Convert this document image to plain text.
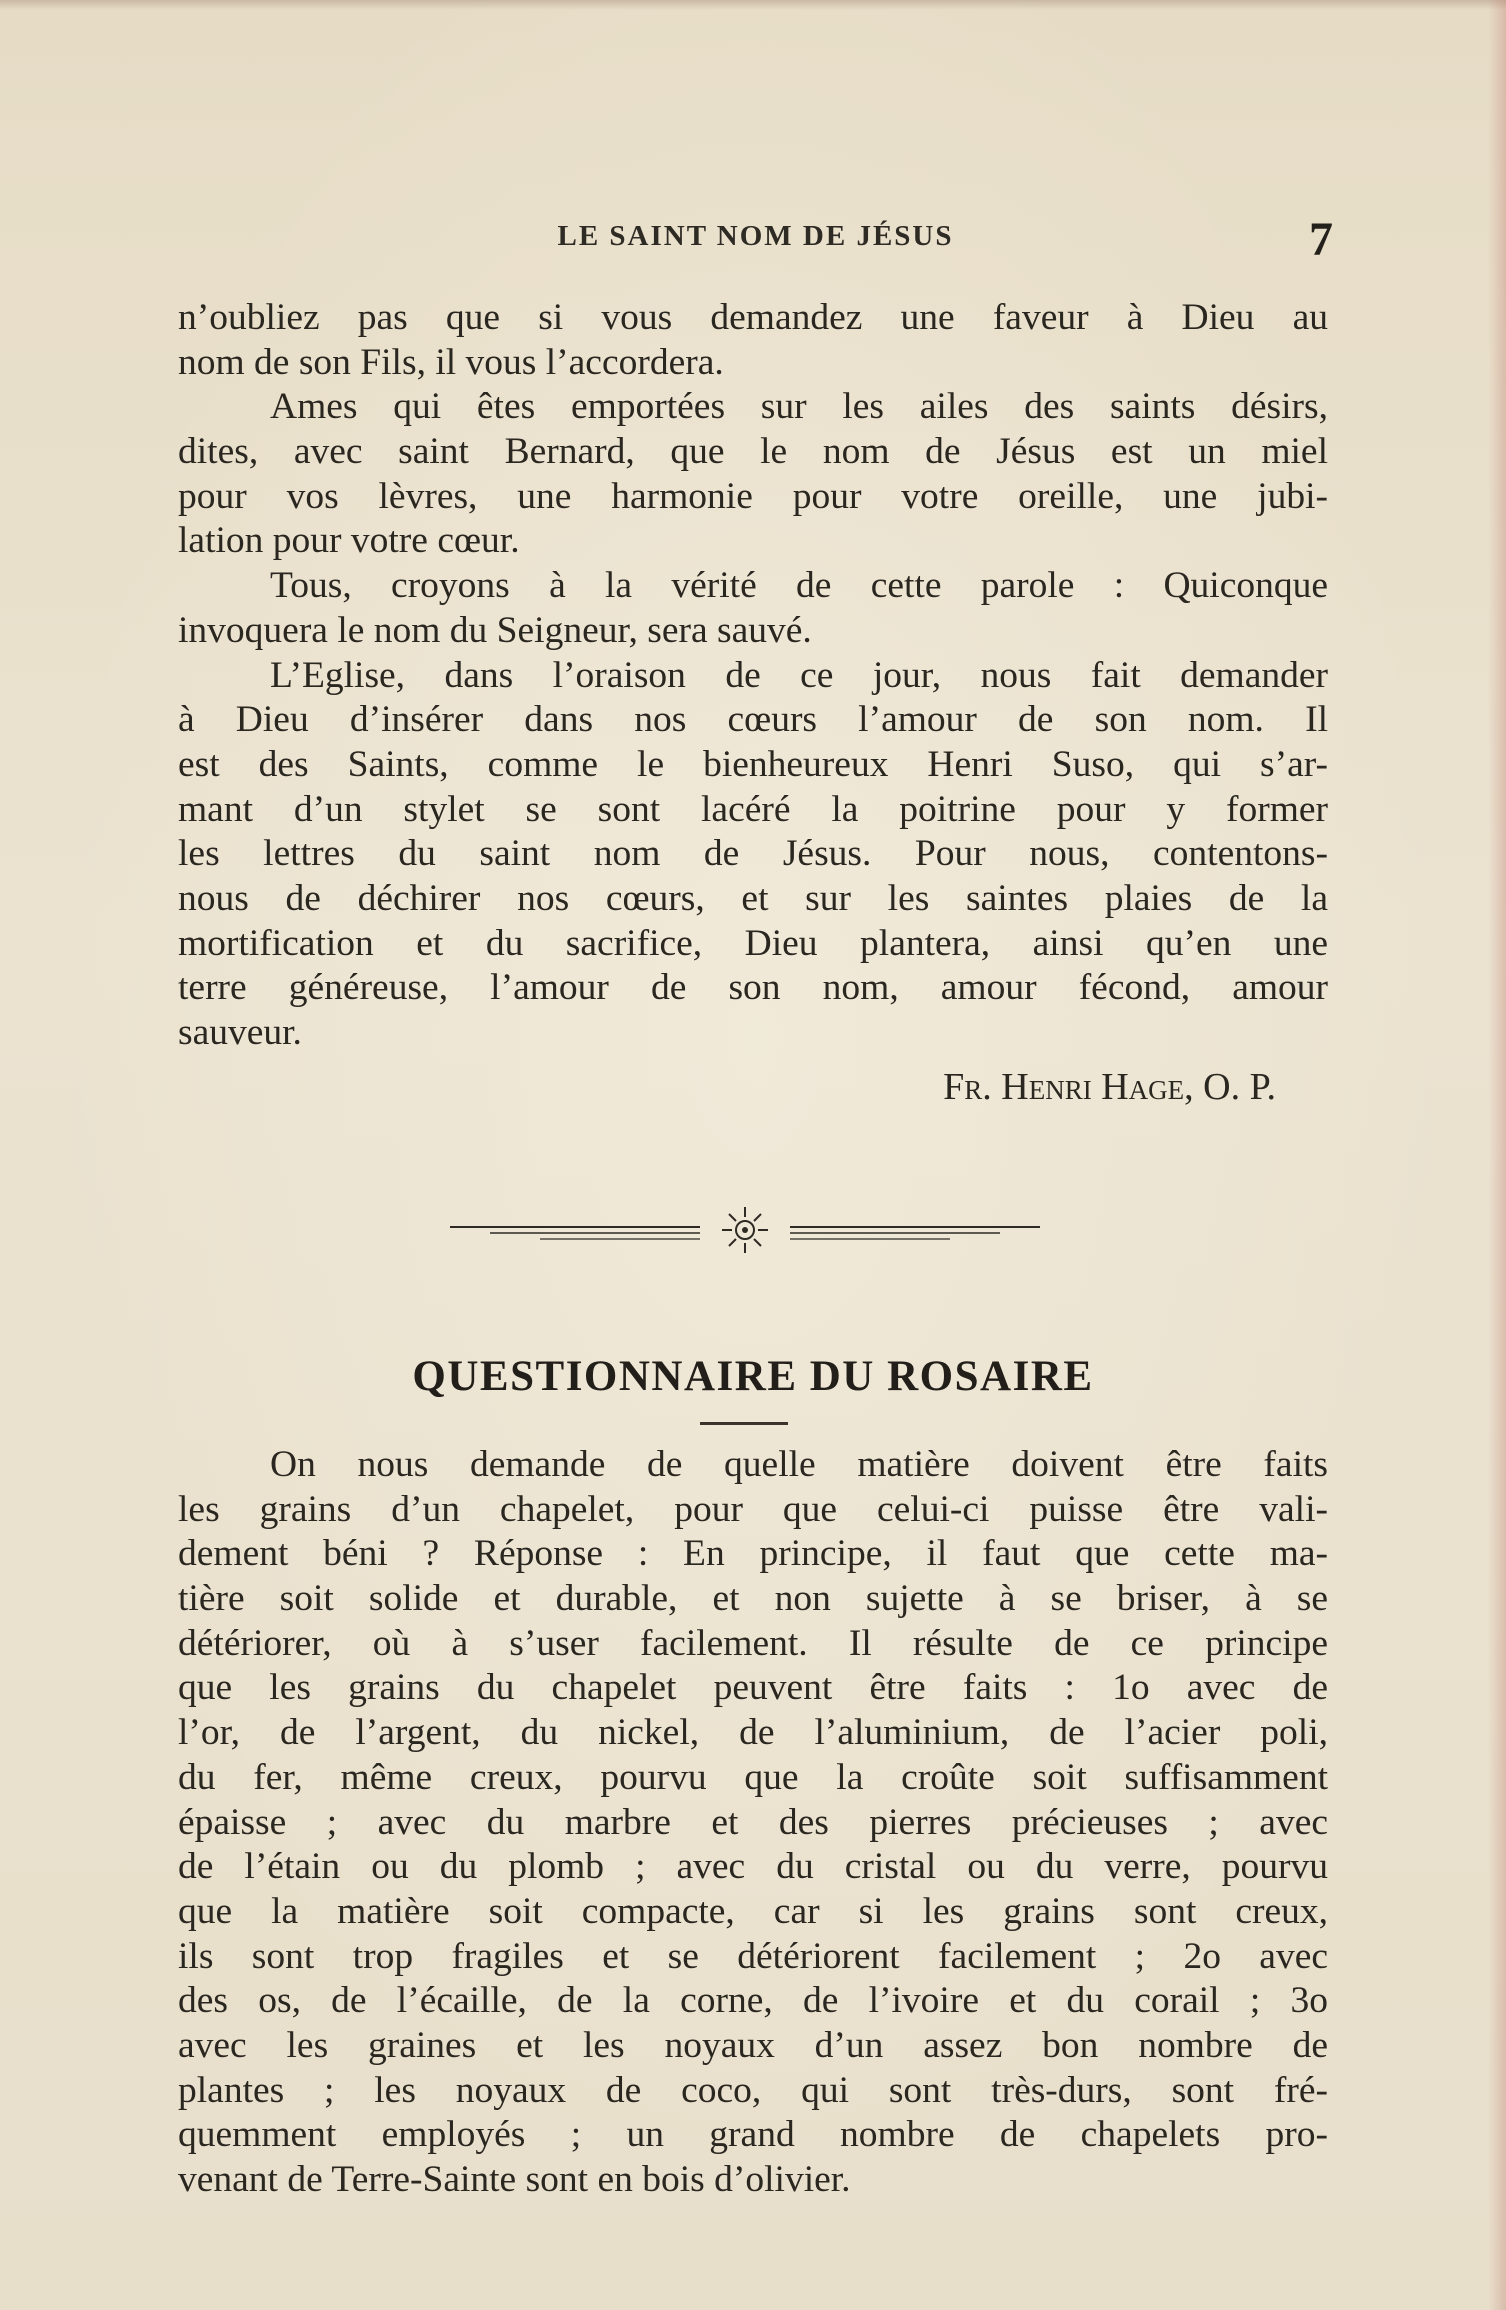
LE SAINT NOM DE JÉSUS	7
n’oubliez pas que si vous demandez une faveur à Dieu au
nom de son Fils, il vous l’accordera.
Ames qui êtes emportées sur les ailes des saints désirs,
dites, avec saint Bernard, que le nom de Jésus est un miel
pour vos lèvres, une harmonie pour votre oreille, une jubi-
lation pour votre cœur.
Tous, croyons à la vérité de cette parole : Quiconque
invoquera le nom du Seigneur, sera sauvé.
L’Eglise, dans l’oraison de ce jour, nous fait demander
à Dieu d’insérer dans nos cœurs l’amour de son nom. Il
est des Saints, comme le bienheureux Henri Suso, qui s’ar-
mant d’un stylet se sont lacéré la poitrine pour y former
les lettres du saint nom de Jésus. Pour nous, contentons-
nous de déchirer nos cœurs, et sur les saintes plaies de la
mortification et du sacrifice, Dieu plantera, ainsi qu’en une
terre généreuse, l’amour de son nom, amour fécond, amour
sauveur.
Fr. Henri Hage, O. P.
QUESTIONNAIRE DU ROSAIRE
On nous demande de quelle matière doivent être faits
les grains d’un chapelet, pour que celui-ci puisse être vali-
dement béni ? Réponse : En principe, il faut que cette ma-
tière soit solide et durable, et non sujette à se briser, à se
détériorer, où à s’user facilement. Il résulte de ce principe
que les grains du chapelet peuvent être faits : 1o avec de
l’or, de l’argent, du nickel, de l’aluminium, de l’acier poli,
du fer, même creux, pourvu que la croûte soit suffisamment
épaisse ; avec du marbre et des pierres précieuses ; avec
de l’étain ou du plomb ; avec du cristal ou du verre, pourvu
que la matière soit compacte, car si les grains sont creux,
ils sont trop fragiles et se détériorent facilement ; 2o avec
des os, de l’écaille, de la corne, de l’ivoire et du corail ; 3o
avec les graines et les noyaux d’un assez bon nombre de
plantes ; les noyaux de coco, qui sont très-durs, sont fré-
quemment employés ; un grand nombre de chapelets pro-
venant de Terre-Sainte sont en bois d’olivier.
